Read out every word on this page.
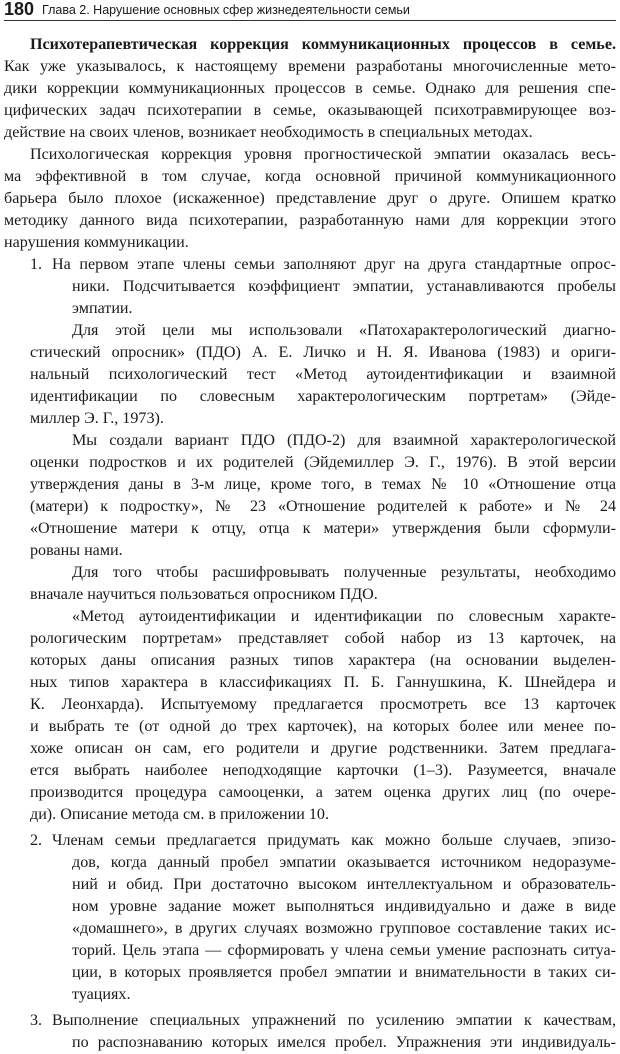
180 Глава 2. Нарушение основных сфер жизнедеятельности семьи
Психотерапевтическая коррекция коммуникационных процессов в семье.
Как уже указывалось, к настоящему времени разработаны многочисленные мето-
дики коррекции коммуникационных процессов в семье. Однако для решения спе-
цифических задач психотерапии в семье, оказывающей психотравмирующее воз-
действие на своих членов, возникает необходимость в специальных методах.
Психологическая коррекция уровня прогностической эмпатии оказалась весь-
ма эффективной в том случае, когда основной причиной коммуникационного
барьера было плохое (искаженное) представление друг о друге. Опишем кратко
методику данного вида психотерапии, разработанную нами для коррекции этого
нарушения коммуникации.
1. На первом этапе члены семьи заполняют друг на друга стандартные опрос-
ники. Подсчитывается коэффициент эмпатии, устанавливаются пробелы
эмпатии.
Для этой цели мы использовали «Патохарактерологический диагно-
стический опросник» (ПДО) А. Е. Личко и Н. Я. Иванова (1983) и ориги-
нальный психологический тест «Метод аутоидентификации и взаимной
идентификации по словесным характерологическим портретам» (Эйде-
миллер Э. Г., 1973).
Мы создали вариант ПДО (ПДО-2) для взаимной характерологической
оценки подростков и их родителей (Эйдемиллер Э. Г., 1976). В этой версии
утверждения даны в 3-м лице, кроме того, в темах № 10 «Отношение отца
(матери) к подростку», № 23 «Отношение родителей к работе» и № 24
«Отношение матери к отцу, отца к матери» утверждения были сформули-
рованы нами.
Для того чтобы расшифровывать полученные результаты, необходимо
вначале научиться пользоваться опросником ПДО.
«Метод аутоидентификации и идентификации по словесным характе-
рологическим портретам» представляет собой набор из 13 карточек, на
которых даны описания разных типов характера (на основании выделен-
ных типов характера в классификациях П. Б. Ганнушкина, К. Шнейдера и
К. Леонхарда). Испытуемому предлагается просмотреть все 13 карточек
и выбрать те (от одной до трех карточек), на которых более или менее по-
хоже описан он сам, его родители и другие родственники. Затем предлага-
ется выбрать наиболее неподходящие карточки (1–3). Разумеется, вначале
производится процедура самооценки, а затем оценка других лиц (по очере-
ди). Описание метода см. в приложении 10.
2. Членам семьи предлагается придумать как можно больше случаев, эпизо-
дов, когда данный пробел эмпатии оказывается источником недоразуме-
ний и обид. При достаточно высоком интеллектуальном и образователь-
ном уровне задание может выполняться индивидуально и даже в виде
«домашнего», в других случаях возможно групповое составление таких ис-
торий. Цель этапа — сформировать у члена семьи умение распознать ситуа-
ции, в которых проявляется пробел эмпатии и внимательности в таких си-
туациях.
3. Выполнение специальных упражнений по усилению эмпатии к качествам,
по распознаванию которых имелся пробел. Упражнения эти индивидуаль-
